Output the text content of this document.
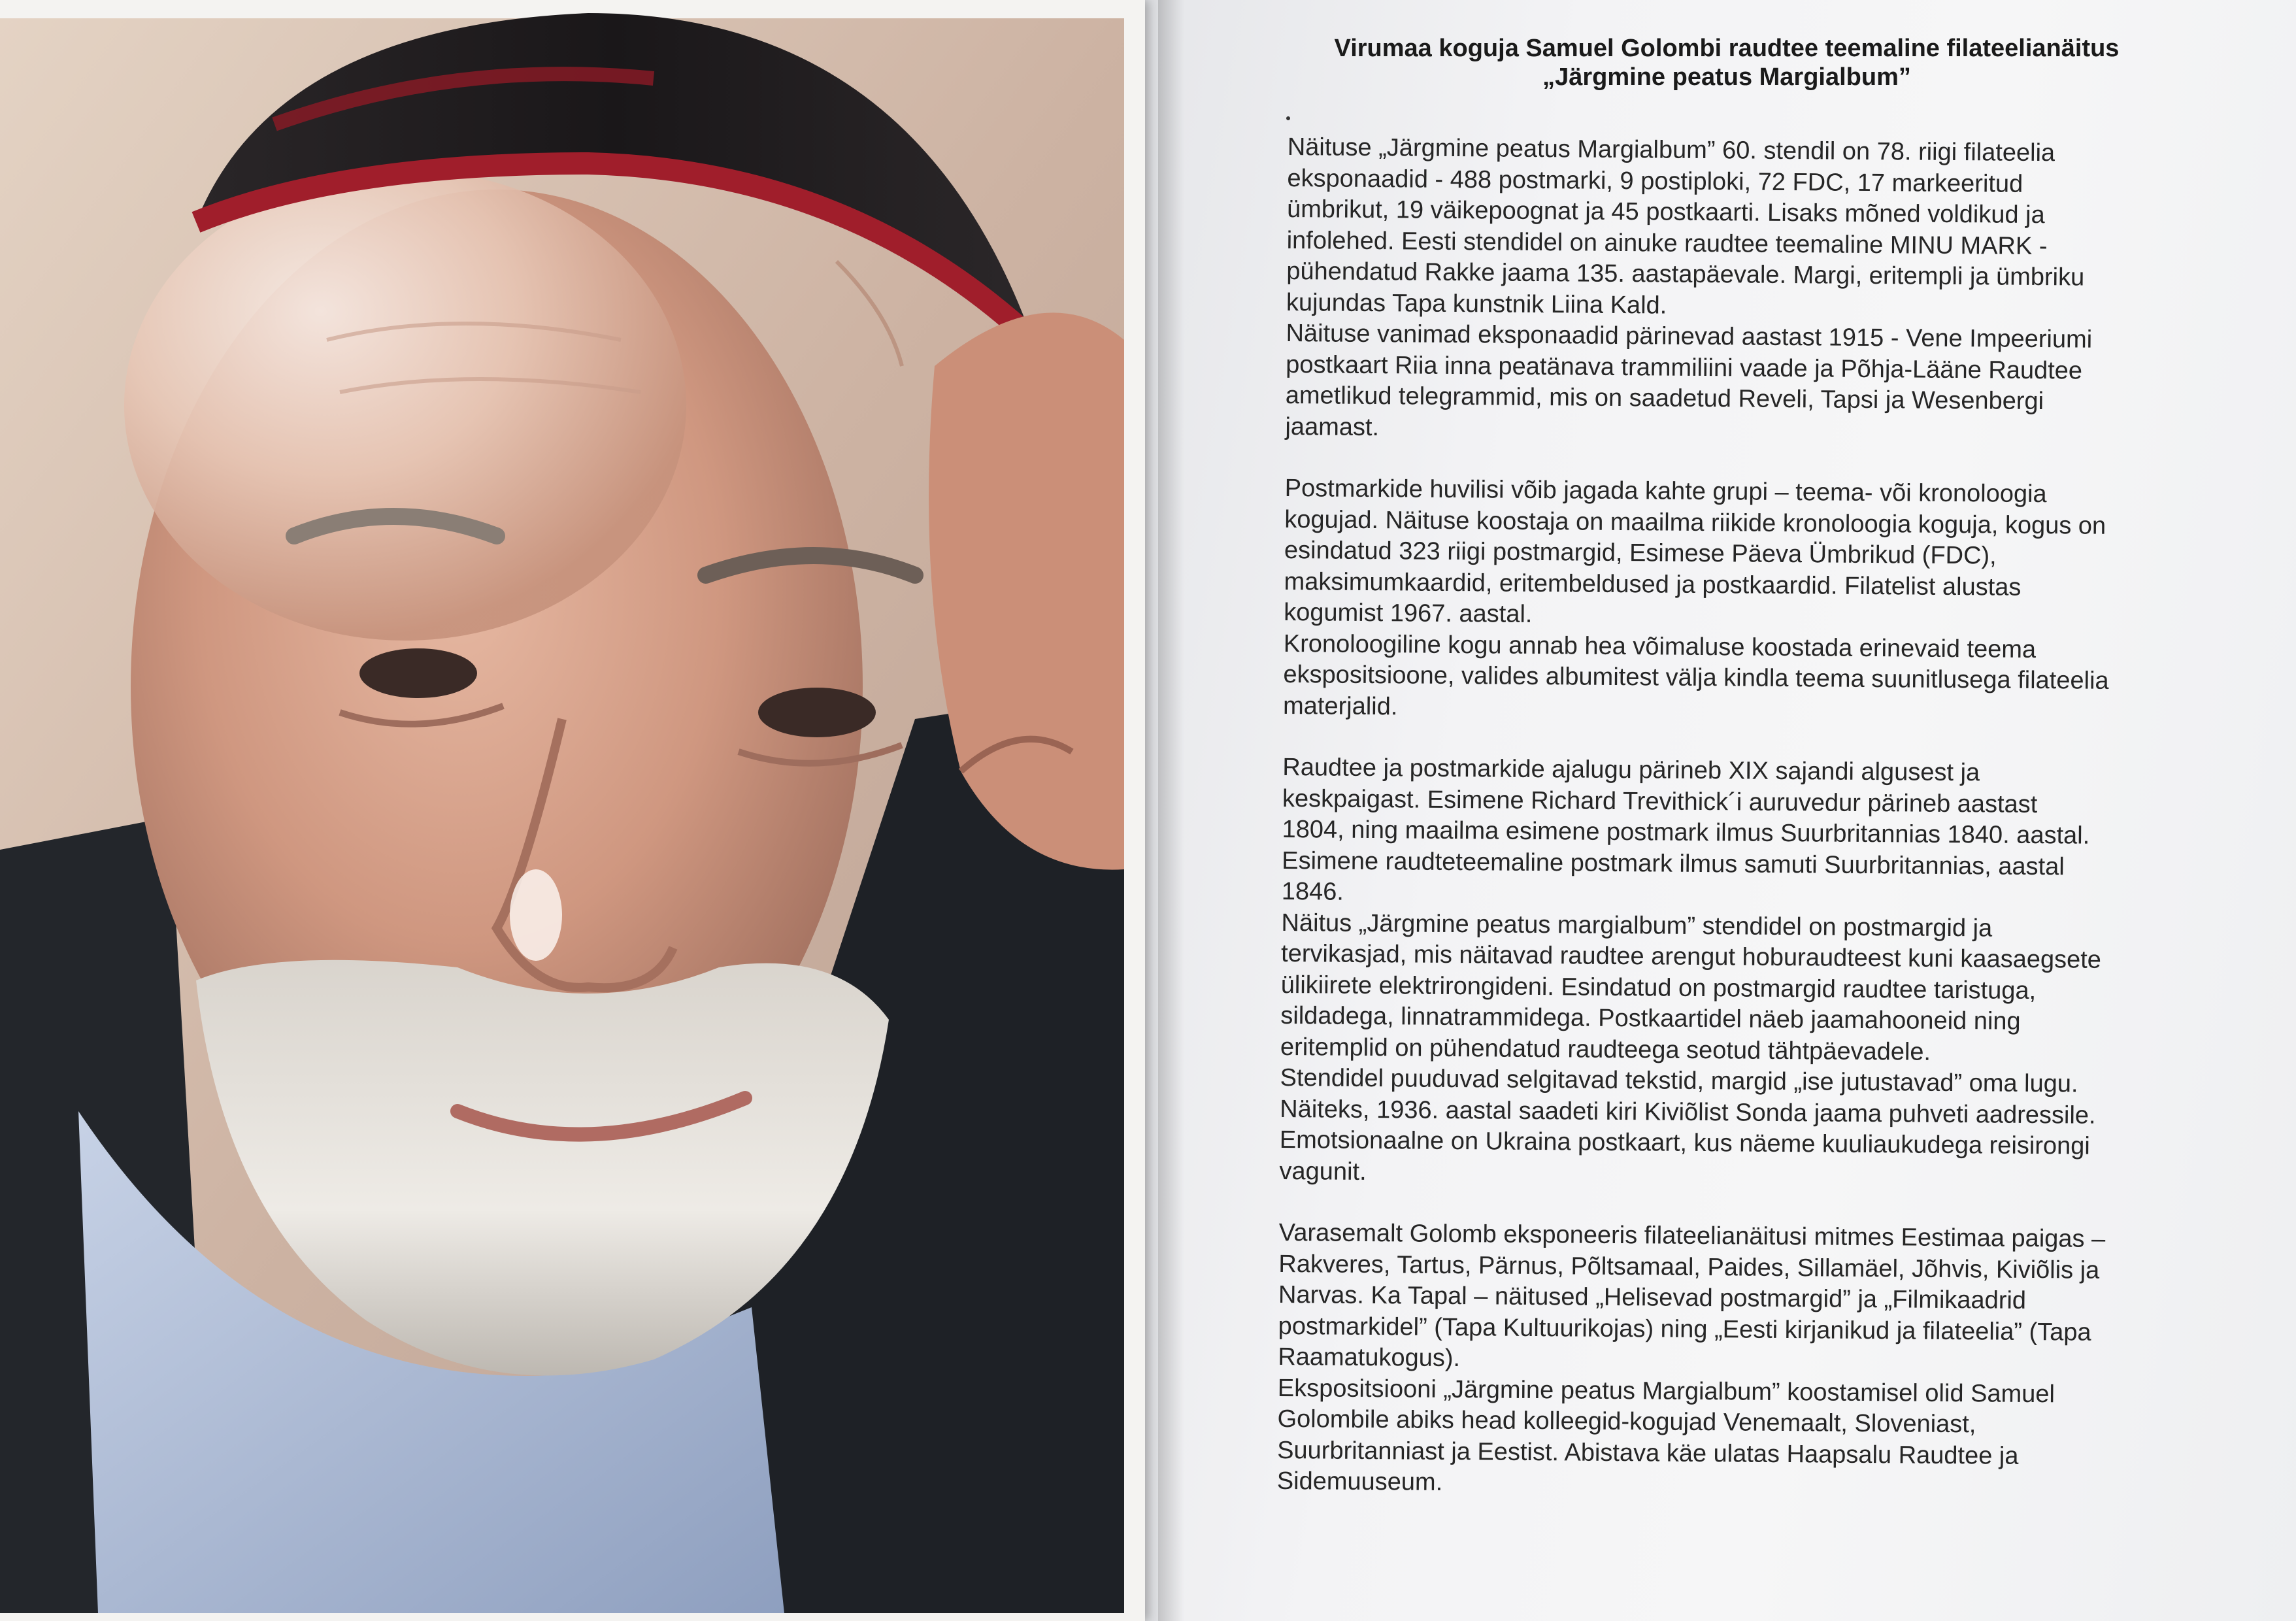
Virumaa koguja Samuel Golombi raudtee teemaline filateelianäitus
„Järgmine peatus Margialbum”

Näituse „Järgmine peatus Margialbum” 60. stendil on 78. riigi filateelia
eksponaadid - 488 postmarki, 9 postiploki, 72 FDC, 17 markeeritud
ümbrikut, 19 väikepoognat ja 45 postkaarti. Lisaks mõned voldikud ja
infolehed. Eesti stendidel on ainuke raudtee teemaline MINU MARK -
pühendatud Rakke jaama 135. aastapäevale. Margi, eritempli ja ümbriku
kujundas Tapa kunstnik Liina Kald.

Näituse vanimad eksponaadid pärinevad aastast 1915 - Vene Impeeriumi
postkaart Riia inna peatänava trammiliini vaade ja Põhja-Lääne Raudtee
ametlikud telegrammid, mis on saadetud Reveli, Tapsi ja Wesenbergi
jaamast.

Postmarkide huvilisi võib jagada kahte grupi – teema- või kronoloogia
kogujad. Näituse koostaja on maailma riikide kronoloogia koguja, kogus on
esindatud 323 riigi postmargid, Esimese Päeva Ümbrikud (FDC),
maksimumkaardid, eritembeldused ja postkaardid. Filatelist alustas
kogumist 1967. aastal.

Kronoloogiline kogu annab hea võimaluse koostada erinevaid teema
ekspositsioone, valides albumitest välja kindla teema suunitlusega filateelia
materjalid.

Raudtee ja postmarkide ajalugu pärineb XIX sajandi algusest ja
keskpaigast. Esimene Richard Trevithick´i auruvedur pärineb aastast
1804, ning maailma esimene postmark ilmus Suurbritannias 1840. aastal.
Esimene raudteteemaline postmark ilmus samuti Suurbritannias, aastal
1846.

Näitus „Järgmine peatus margialbum” stendidel on postmargid ja
tervikasjad, mis näitavad raudtee arengut hoburaudteest kuni kaasaegsete
ülikiirete elektrirongideni. Esindatud on postmargid raudtee taristuga,
sildadega, linnatrammidega. Postkaartidel näeb jaamahooneid ning
eritemplid on pühendatud raudteega seotud tähtpäevadele.

Stendidel puuduvad selgitavad tekstid, margid „ise jutustavad” oma lugu.
Näiteks, 1936. aastal saadeti kiri Kiviõlist Sonda jaama puhveti aadressile.
Emotsionaalne on Ukraina postkaart, kus näeme kuuliaukudega reisirongi
vagunit.

Varasemalt Golomb eksponeeris filateelianäitusi mitmes Eestimaa paigas –
Rakveres, Tartus, Pärnus, Põltsamaal, Paides, Sillamäel, Jõhvis, Kiviõlis ja
Narvas. Ka Tapal – näitused „Helisevad postmargid” ja „Filmikaadrid
postmarkidel” (Tapa Kultuurikojas) ning „Eesti kirjanikud ja filateelia” (Tapa
Raamatukogus).

Ekspositsiooni „Järgmine peatus Margialbum” koostamisel olid Samuel
Golombile abiks head kolleegid-kogujad Venemaalt, Sloveniast,
Suurbritanniast ja Eestist. Abistava käe ulatas Haapsalu Raudtee ja
Sidemuuseum.
